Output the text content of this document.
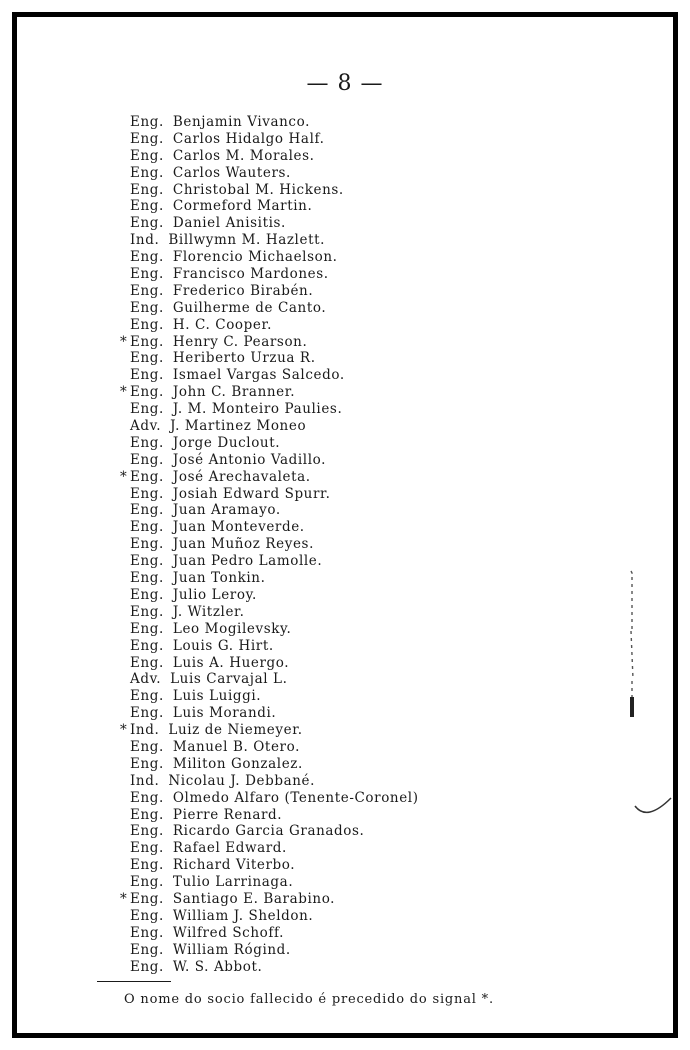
— 8 —
Eng. Benjamin Vivanco.
Eng. Carlos Hidalgo Half.
Eng. Carlos M. Morales.
Eng. Carlos Wauters.
Eng. Christobal M. Hickens.
Eng. Cormeford Martin.
Eng. Daniel Anisitis.
Ind. Billwymn M. Hazlett.
Eng. Florencio Michaelson.
Eng. Francisco Mardones.
Eng. Frederico Birabén.
Eng. Guilherme de Canto.
Eng. H. C. Cooper.
* Eng. Henry C. Pearson.
Eng. Heriberto Urzua R.
Eng. Ismael Vargas Salcedo.
* Eng. John C. Branner.
Eng. J. M. Monteiro Paulies.
Adv. J. Martinez Moneo
Eng. Jorge Duclout.
Eng. José Antonio Vadillo.
* Eng. José Arechavaleta.
Eng. Josiah Edward Spurr.
Eng. Juan Aramayo.
Eng. Juan Monteverde.
Eng. Juan Muñoz Reyes.
Eng. Juan Pedro Lamolle.
Eng. Juan Tonkin.
Eng. Julio Leroy.
Eng. J. Witzler.
Eng. Leo Mogilevsky.
Eng. Louis G. Hirt.
Eng. Luis A. Huergo.
Adv. Luis Carvajal L.
Eng. Luis Luiggi.
Eng. Luis Morandi.
* Ind. Luiz de Niemeyer.
Eng. Manuel B. Otero.
Eng. Militon Gonzalez.
Ind. Nicolau J. Debbané.
Eng. Olmedo Alfaro (Tenente-Coronel)
Eng. Pierre Renard.
Eng. Ricardo Garcia Granados.
Eng. Rafael Edward.
Eng. Richard Viterbo.
Eng. Tulio Larrinaga.
* Eng. Santiago E. Barabino.
Eng. William J. Sheldon.
Eng. Wilfred Schoff.
Eng. William Rógind.
Eng. W. S. Abbot.
O nome do socio fallecido é precedido do signal *.
